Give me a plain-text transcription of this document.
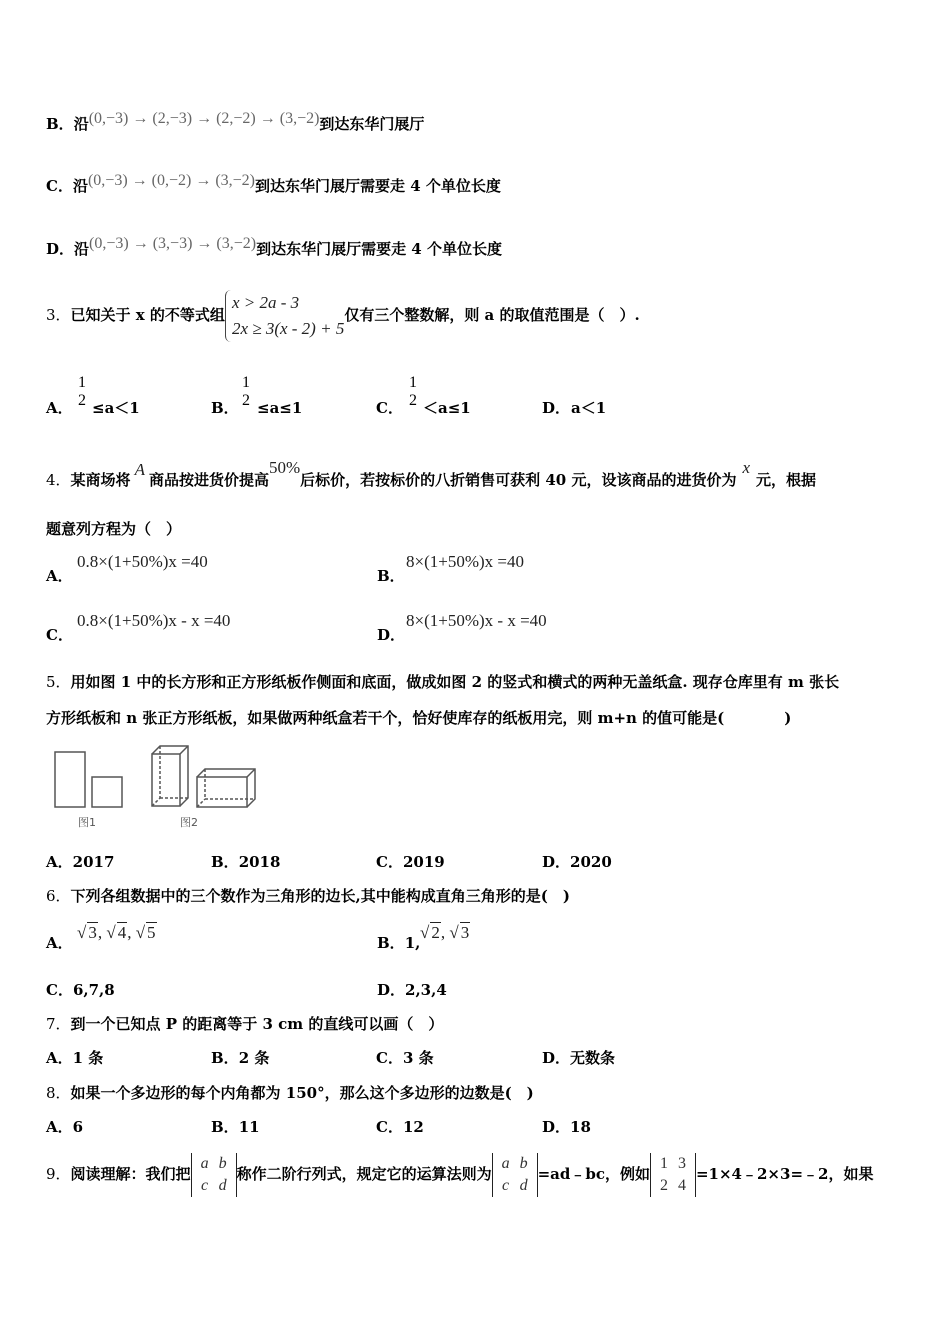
B．沿(0,−3) → (2,−3) → (2,−2) → (3,−2)到达东华门展厅
C．沿(0,−3) → (0,−2) → (3,−2)到达东华门展厅需要走 4 个单位长度
D．沿(0,−3) → (3,−3) → (3,−2)到达东华门展厅需要走 4 个单位长度
3．已知关于 x 的不等式组x > 2a - 3
2x ≥ 3(x - 2) + 5仅有三个整数解，则 a 的取值范围是（　）.
A．
1
2 ≤a＜1	B．
1
2 ≤a≤1	C．
1
2 ＜a≤1	D． a＜1
4．某商场将A商品按进货价提高50%后标价，若按标价的八折销售可获利 40 元，设该商品的进货价为x元，根据
题意列方程为（　）
A．
0.8×(1+50%)x =40
B．
8×(1+50%)x =40
C．
0.8×(1+50%)x - x =40
D．
8×(1+50%)x - x =40
5．用如图 1 中的长方形和正方形纸板作侧面和底面，做成如图 2 的竖式和横式的两种无盖纸盒. 现存仓库里有 m 张长
方形纸板和 n 张正方形纸板，如果做两种纸盒若干个，恰好使库存的纸板用完，则 m+n 的值可能是(　　　　)
图1	图2
A．2017	B．2018	C．2019	D．2020
6．下列各组数据中的三个数作为三角形的边长,其中能构成直角三角形的是(　)
A．
√ 3, √ 4, √ 5
B．1,
√ 2, √ 3
C．6,7,8	D．2,3,4
7．到一个已知点 P 的距离等于 3 cm 的直线可以画（　）
A．1 条	B．2 条	C．3 条	D．无数条
8．如果一个多边形的每个内角都为 150°，那么这个多边形的边数是(　)
A．6	B．11	C．12	D．18
9．阅读理解：我们把a b
c d称作二阶行列式，规定它的运算法则为a b
c d=ad﹣bc，例如1 3
2 4=1×4﹣2×3=﹣2，如果
